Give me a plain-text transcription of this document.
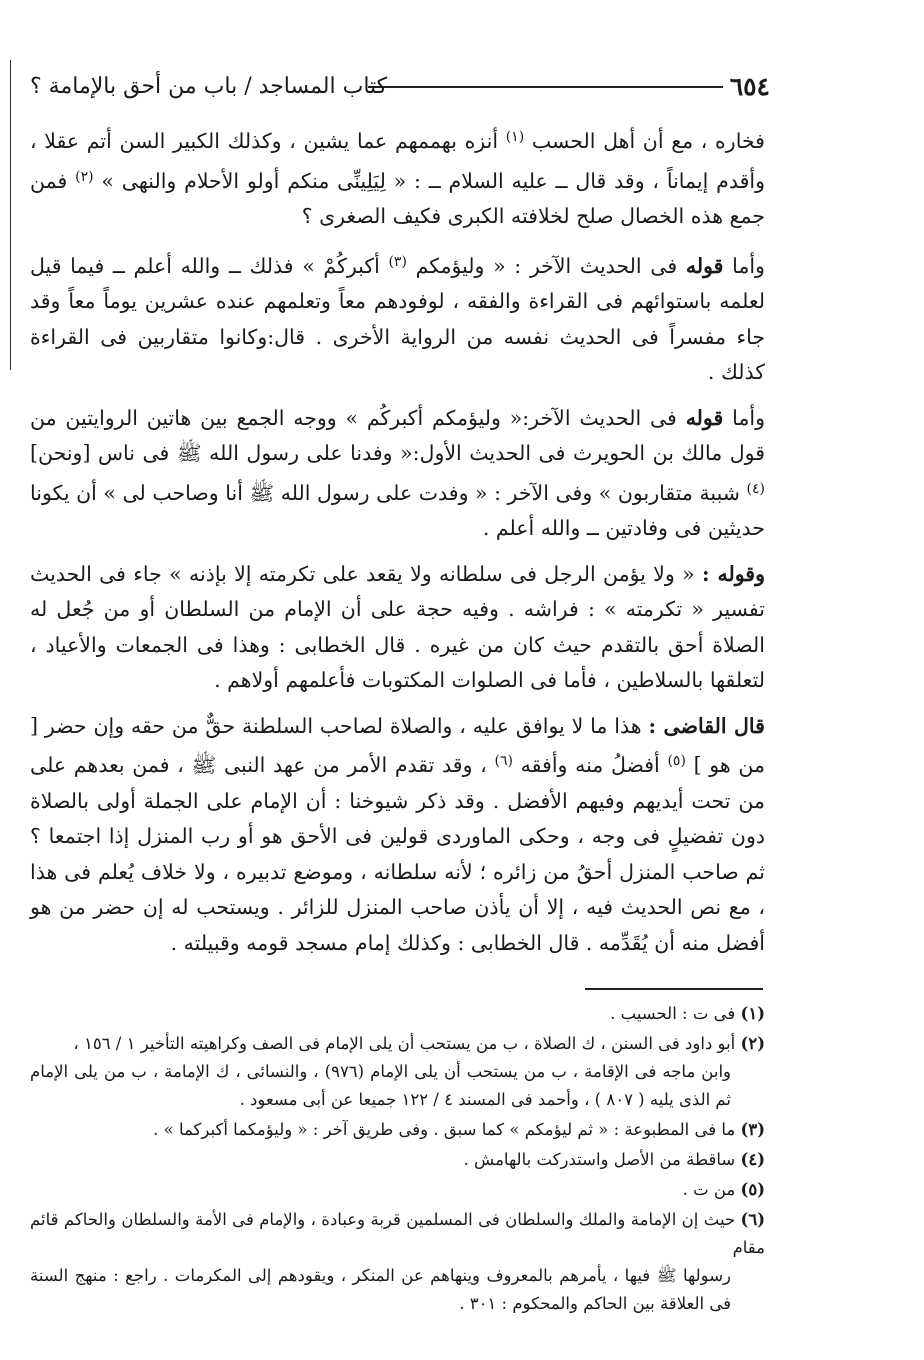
٦٥٤
كتاب المساجد / باب من أحق بالإمامة ؟

فخاره ، مع أن أهل الحسب $^{(١)}$ أنزه بهممهم عما يشين ، وكذلك الكبير السن أتم عقلا ، وأقدم إيماناً ، وقد قال ــ عليه السلام ــ : « لِيَلِينِّى منكم أولو الأحلام والنهى » $^{(٢)}$ فمن جمع هذه الخصال صلح لخلافته الكبرى فكيف الصغرى ؟

وأما قوله فى الحديث الآخر : « وليؤمكم $^{(٣)}$ أكبركُمْ » فذلك ــ والله أعلم ــ فيما قيل لعلمه باستوائهم فى القراءة والفقه ، لوفودهم معاً وتعلمهم عنده عشرين يوماً معاً وقد جاء مفسراً فى الحديث نفسه من الرواية الأخرى . قال:وكانوا متقاربين فى القراءة كذلك .

وأما قوله فى الحديث الآخر:« وليؤمكم أكبركُم » ووجه الجمع بين هاتين الروايتين من قول مالك بن الحويرث فى الحديث الأول:« وفدنا على رسول الله ﷺ فى ناس [ونحن] $^{(٤)}$ شببة متقاربون » وفى الآخر : « وفدت على رسول الله ﷺ أنا وصاحب لى » أن يكونا حديثين فى وفادتين ــ والله أعلم .

وقوله : « ولا يؤمن الرجل فى سلطانه ولا يقعد على تكرمته إلا بإذنه » جاء فى الحديث تفسير « تكرمته » : فراشه . وفيه حجة على أن الإمام من السلطان أو من جُعل له الصلاة أحق بالتقدم حيث كان من غيره . قال الخطابى : وهذا فى الجمعات والأعياد ، لتعلقها بالسلاطين ، فأما فى الصلوات المكتوبات فأعلمهم أولاهم .

قال القاضى : هذا ما لا يوافق عليه ، والصلاة لصاحب السلطنة حقٌّ من حقه وإن حضر [ من هو ] $^{(٥)}$ أفضلُ منه وأفقه $^{(٦)}$ ، وقد تقدم الأمر من عهد النبى ﷺ ، فمن بعدهم على من تحت أيديهم وفيهم الأفضل . وقد ذكر شيوخنا : أن الإمام على الجملة أولى بالصلاة دون تفضيلٍ فى وجه ، وحكى الماوردى قولين فى الأحق هو أو رب المنزل إذا اجتمعا ؟ ثم صاحب المنزل أحقُ من زائره ؛ لأنه سلطانه ، وموضع تدبيره ، ولا خلاف يُعلم فى هذا ، مع نص الحديث فيه ، إلا أن يأذن صاحب المنزل للزائر . ويستحب له إن حضر من هو أفضل منه أن يُقَدِّمه . قال الخطابى : وكذلك إمام مسجد قومه وقبيلته .

(١) فى ت : الحسيب .
(٢) أبو داود فى السنن ، ك الصلاة ، ب من يستحب أن يلى الإمام فى الصف وكراهيته التأخير ١ / ١٥٦ ،
وابن ماجه فى الإقامة ، ب من يستحب أن يلى الإمام (٩٧٦) ، والنسائى ، ك الإمامة ، ب من يلى الإمام ثم الذى يليه ( ٨٠٧ ) ، وأحمد فى المسند ٤ / ١٢٢ جميعا عن أبى مسعود .
(٣) ما فى المطبوعة : « ثم ليؤمكم » كما سبق . وفى طريق آخر : « وليؤمكما أكبركما » .
(٤) ساقطة من الأصل واستدركت بالهامش .
(٥) من ت .
(٦) حيث إن الإمامة والملك والسلطان فى المسلمين قربة وعبادة ، والإمام فى الأمة والسلطان والحاكم قائم مقام
رسولها ﷺ فيها ، يأمرهم بالمعروف وينهاهم عن المنكر ، ويقودهم إلى المكرمات . راجع : منهج السنة فى العلاقة بين الحاكم والمحكوم : ٣٠١ .
